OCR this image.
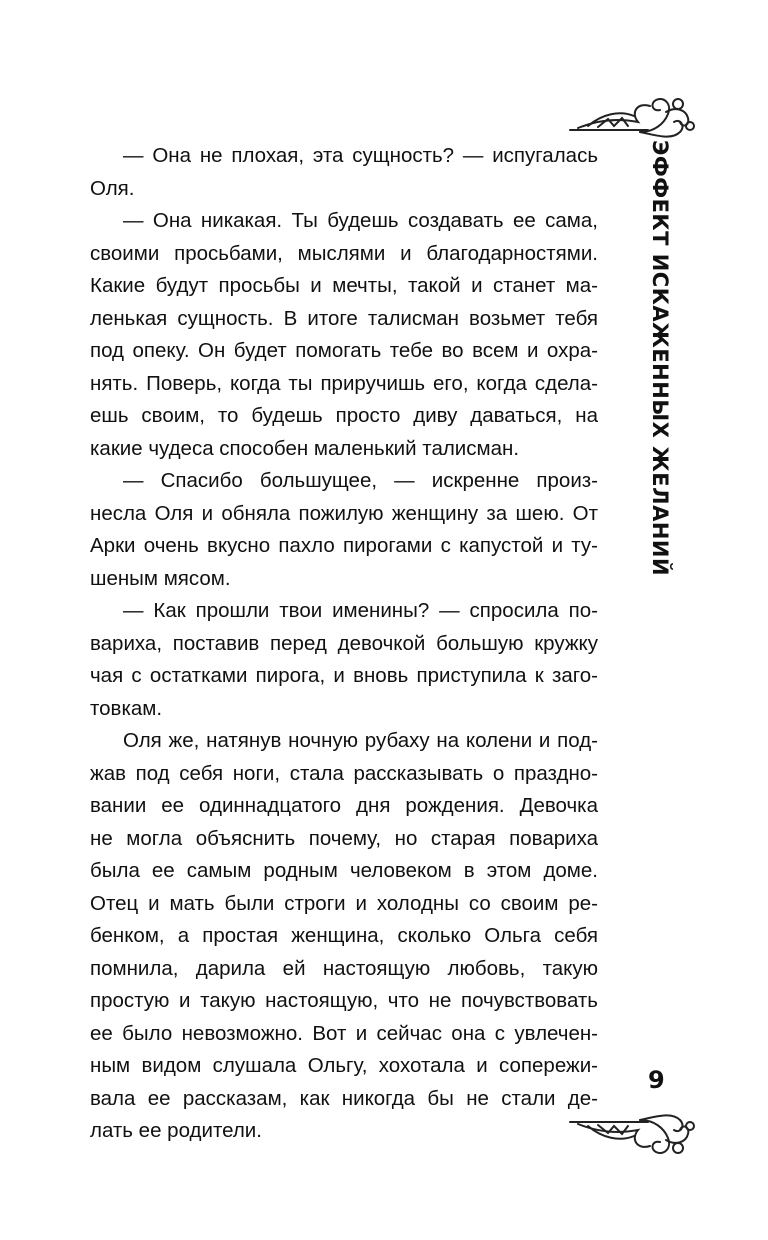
ЭФФЕКТ ИСКАЖЕННЫХ ЖЕЛАНИЙ
— Она не плохая, эта сущность? — испугалась
Оля.
— Она никакая. Ты будешь создавать ее сама,
своими просьбами, мыслями и благодарностями.
Какие будут просьбы и мечты, такой и станет ма-
ленькая сущность. В итоге талисман возьмет тебя
под опеку. Он будет помогать тебе во всем и охра-
нять. Поверь, когда ты приручишь его, когда сдела-
ешь своим, то будешь просто диву даваться, на
какие чудеса способен маленький талисман.
— Спасибо большущее, — искренне произ-
несла Оля и обняла пожилую женщину за шею. От
Арки очень вкусно пахло пирогами с капустой и ту-
шеным мясом.
— Как прошли твои именины? — спросила по-
вариха, поставив перед девочкой большую кружку
чая с остатками пирога, и вновь приступила к заго-
товкам.
Оля же, натянув ночную рубаху на колени и под-
жав под себя ноги, стала рассказывать о праздно-
вании ее одиннадцатого дня рождения. Девочка
не могла объяснить почему, но старая повариха
была ее самым родным человеком в этом доме.
Отец и мать были строги и холодны со своим ре-
бенком, а простая женщина, сколько Ольга себя
помнила, дарила ей настоящую любовь, такую
простую и такую настоящую, что не почувствовать
ее было невозможно. Вот и сейчас она с увлечен-
ным видом слушала Ольгу, хохотала и сопережи-
вала ее рассказам, как никогда бы не стали де-
лать ее родители.
9
